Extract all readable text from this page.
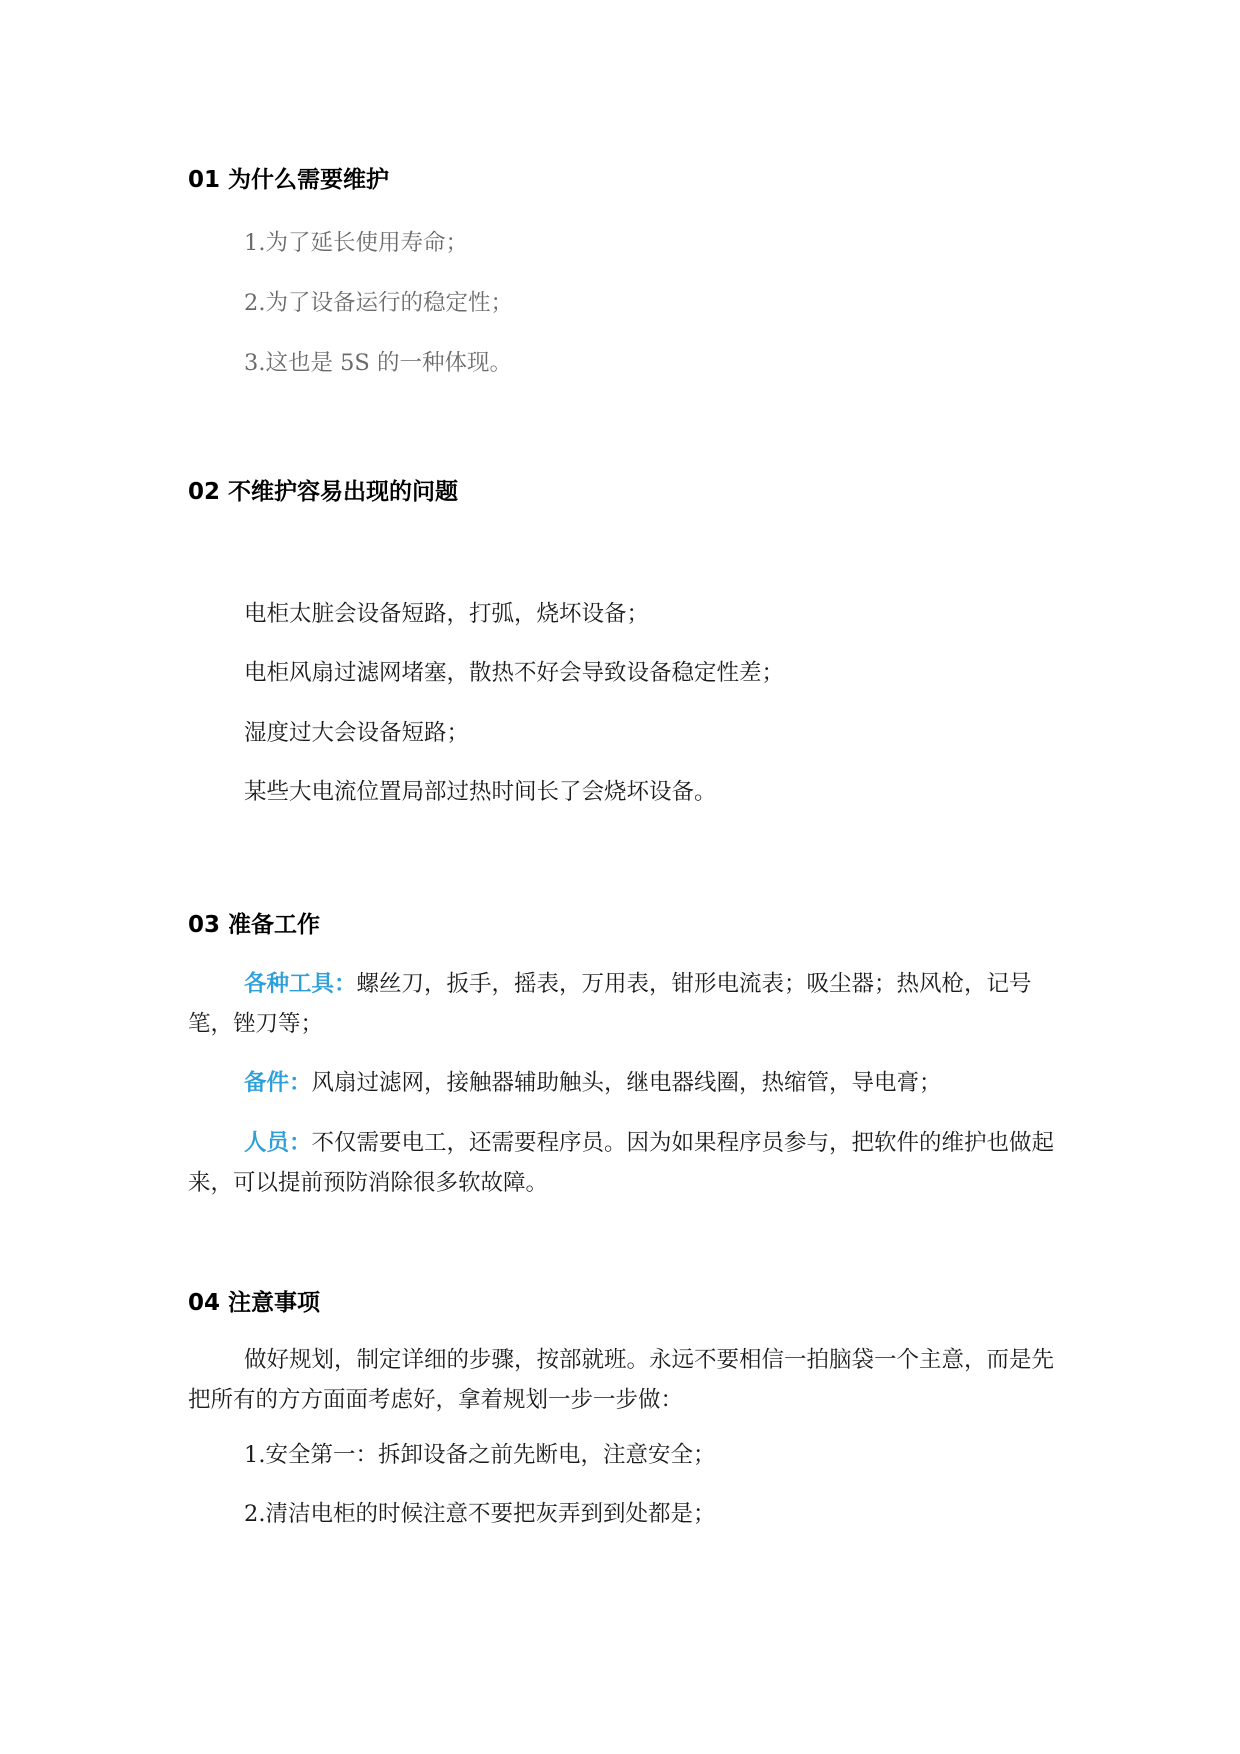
01 为什么需要维护

1.为了延长使用寿命；

2.为了设备运行的稳定性；

3.这也是 5S 的一种体现。

02 不维护容易出现的问题

电柜太脏会设备短路，打弧，烧坏设备；

电柜风扇过滤网堵塞，散热不好会导致设备稳定性差；

湿度过大会设备短路；

某些大电流位置局部过热时间长了会烧坏设备。

03 准备工作

各种工具：螺丝刀，扳手，摇表，万用表，钳形电流表；吸尘器；热风枪，记号笔，锉刀等；

备件：风扇过滤网，接触器辅助触头，继电器线圈，热缩管，导电膏；

人员：不仅需要电工，还需要程序员。因为如果程序员参与，把软件的维护也做起来，可以提前预防消除很多软故障。

04 注意事项

做好规划，制定详细的步骤，按部就班。永远不要相信一拍脑袋一个主意，而是先把所有的方方面面考虑好，拿着规划一步一步做：

1.安全第一：拆卸设备之前先断电，注意安全；

2.清洁电柜的时候注意不要把灰弄到到处都是；
